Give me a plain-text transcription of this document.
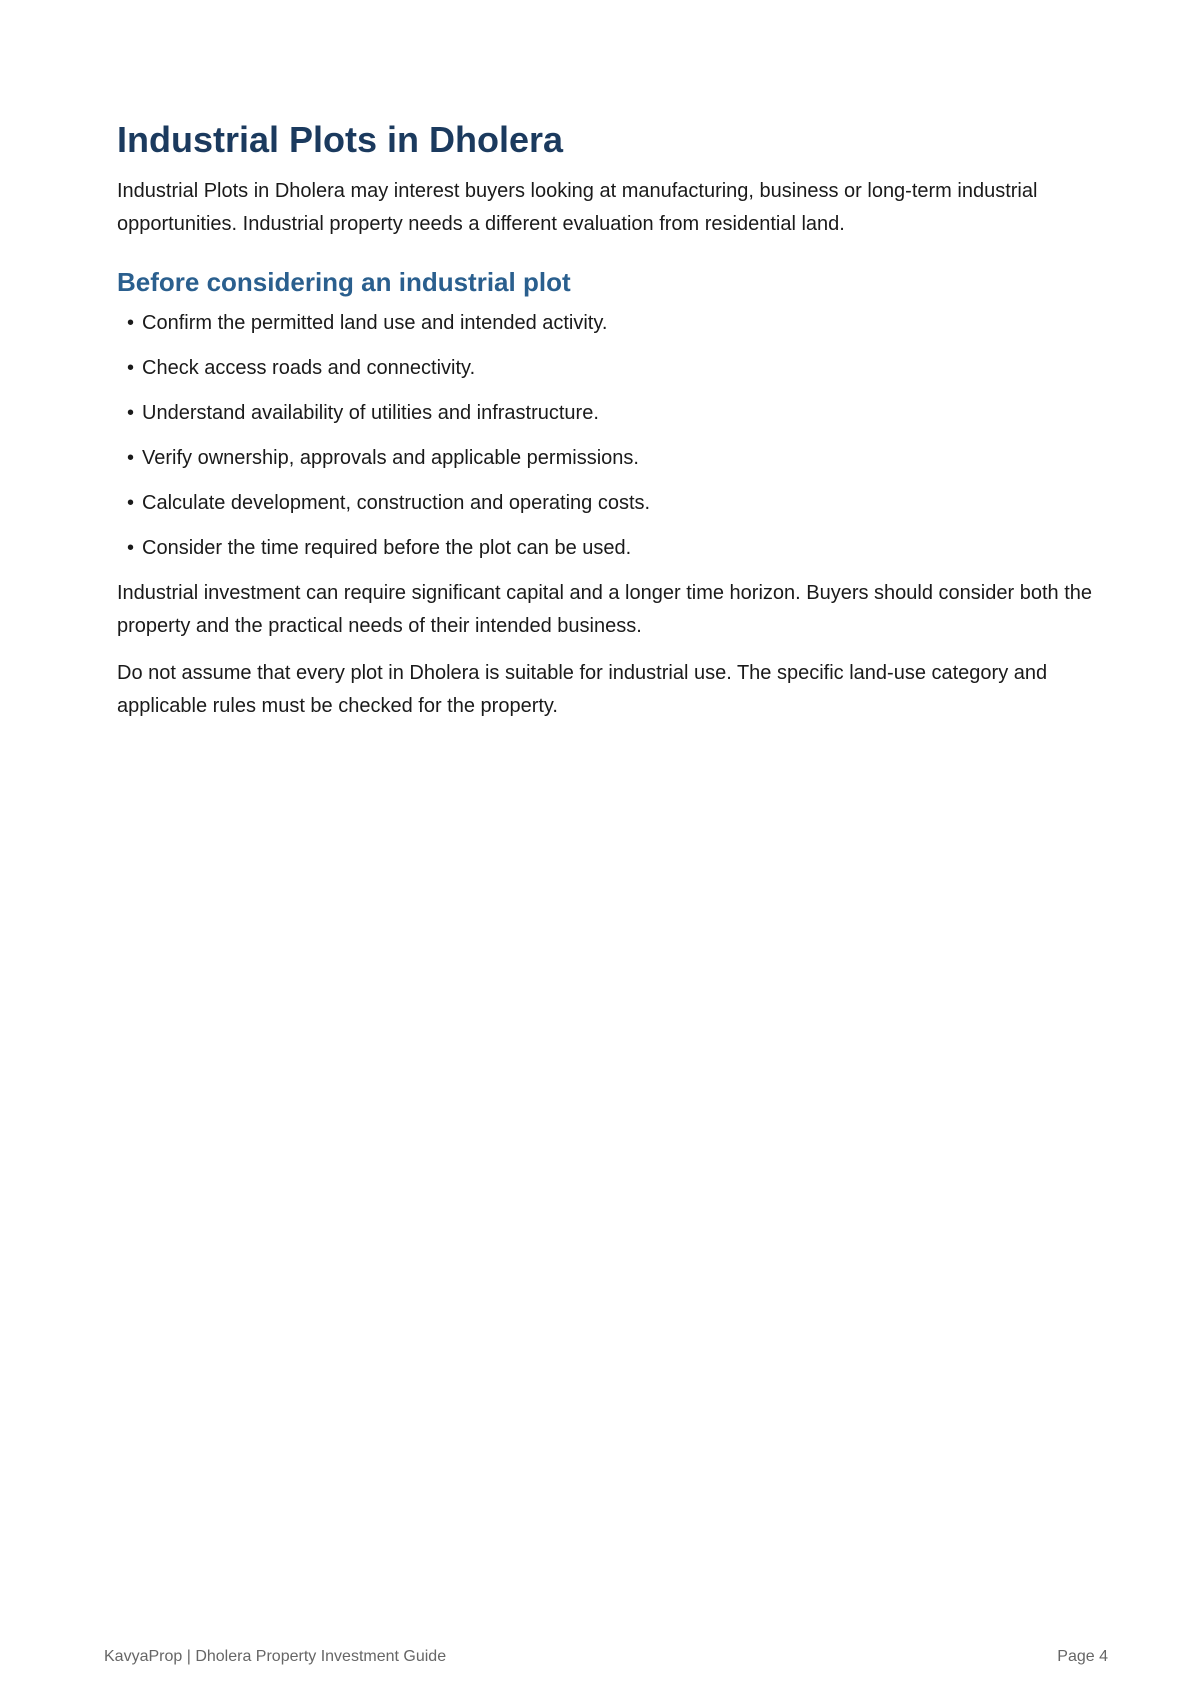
Industrial Plots in Dholera

Industrial Plots in Dholera may interest buyers looking at manufacturing, business or long-term industrial opportunities. Industrial property needs a different evaluation from residential land.

Before considering an industrial plot
• Confirm the permitted land use and intended activity.
• Check access roads and connectivity.
• Understand availability of utilities and infrastructure.
• Verify ownership, approvals and applicable permissions.
• Calculate development, construction and operating costs.
• Consider the time required before the plot can be used.

Industrial investment can require significant capital and a longer time horizon. Buyers should consider both the property and the practical needs of their intended business.

Do not assume that every plot in Dholera is suitable for industrial use. The specific land-use category and applicable rules must be checked for the property.

KavyaProp | Dholera Property Investment Guide	Page 4
